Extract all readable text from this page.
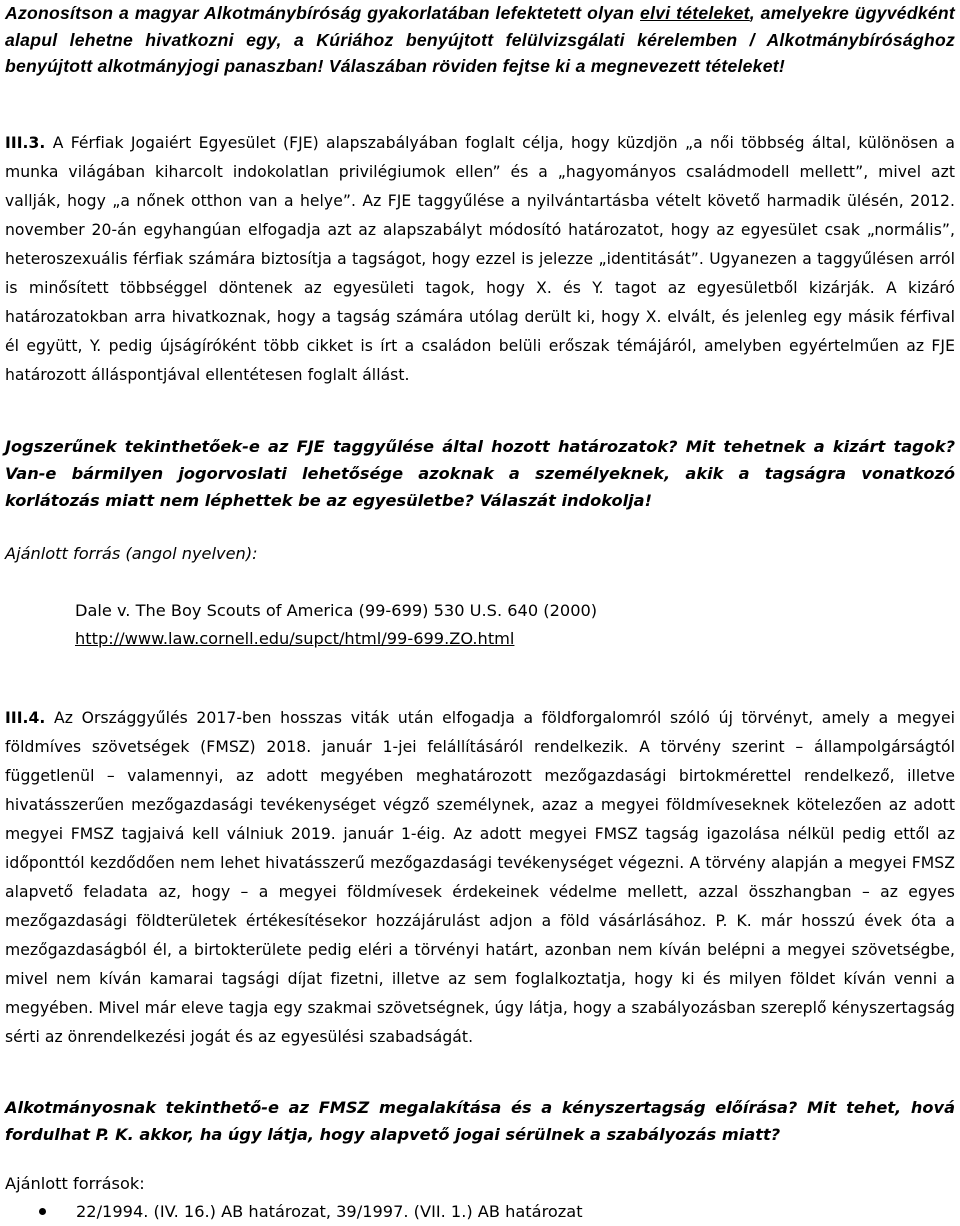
Azonosítson a magyar Alkotmánybíróság gyakorlatában lefektetett olyan elvi tételeket, amelyekre ügyvédként alapul lehetne hivatkozni egy, a Kúriához benyújtott felülvizsgálati kérelemben / Alkotmánybírósághoz benyújtott alkotmányjogi panaszban! Válaszában röviden fejtse ki a megnevezett tételeket!
III.3. A Férfiak Jogaiért Egyesület (FJE) alapszabályában foglalt célja, hogy küzdjön „a női többség által, különösen a munka világában kiharcolt indokolatlan privilégiumok ellen” és a „hagyományos családmodell mellett”, mivel azt vallják, hogy „a nőnek otthon van a helye”. Az FJE taggyűlése a nyilvántartásba vételt követő harmadik ülésén, 2012. november 20-án egyhangúan elfogadja azt az alapszabályt módosító határozatot, hogy az egyesület csak „normális”, heteroszexuális férfiak számára biztosítja a tagságot, hogy ezzel is jelezze „identitását”. Ugyanezen a taggyűlésen arról is minősített többséggel döntenek az egyesületi tagok, hogy X. és Y. tagot az egyesületből kizárják. A kizáró határozatokban arra hivatkoznak, hogy a tagság számára utólag derült ki, hogy X. elvált, és jelenleg egy másik férfival él együtt, Y. pedig újságíróként több cikket is írt a családon belüli erőszak témájáról, amelyben egyértelműen az FJE határozott álláspontjával ellentétesen foglalt állást.
Jogszerűnek tekinthetőek-e az FJE taggyűlése által hozott határozatok? Mit tehetnek a kizárt tagok? Van-e bármilyen jogorvoslati lehetősége azoknak a személyeknek, akik a tagságra vonatkozó korlátozás miatt nem léphettek be az egyesületbe? Válaszát indokolja!
Ajánlott forrás (angol nyelven):
Dale v. The Boy Scouts of America (99-699) 530 U.S. 640 (2000)
http://www.law.cornell.edu/supct/html/99-699.ZO.html
III.4. Az Országgyűlés 2017-ben hosszas viták után elfogadja a földforgalomról szóló új törvényt, amely a megyei földmíves szövetségek (FMSZ) 2018. január 1-jei felállításáról rendelkezik. A törvény szerint – állampolgárságtól függetlenül – valamennyi, az adott megyében meghatározott mezőgazdasági birtokmérettel rendelkező, illetve hivatásszerűen mezőgazdasági tevékenységet végző személynek, azaz a megyei földmíveseknek kötelezően az adott megyei FMSZ tagjaivá kell válniuk 2019. január 1-éig. Az adott megyei FMSZ tagság igazolása nélkül pedig ettől az időponttól kezdődően nem lehet hivatásszerű mezőgazdasági tevékenységet végezni. A törvény alapján a megyei FMSZ alapvető feladata az, hogy – a megyei földmívesek érdekeinek védelme mellett, azzal összhangban – az egyes mezőgazdasági földterületek értékesítésekor hozzájárulást adjon a föld vásárlásához. P. K. már hosszú évek óta a mezőgazdaságból él, a birtokterülete pedig eléri a törvényi határt, azonban nem kíván belépni a megyei szövetségbe, mivel nem kíván kamarai tagsági díjat fizetni, illetve az sem foglalkoztatja, hogy ki és milyen földet kíván venni a megyében. Mivel már eleve tagja egy szakmai szövetségnek, úgy látja, hogy a szabályozásban szereplő kényszertagság sérti az önrendelkezési jogát és az egyesülési szabadságát.
Alkotmányosnak tekinthető-e az FMSZ megalakítása és a kényszertagság előírása? Mit tehet, hová fordulhat P. K. akkor, ha úgy látja, hogy alapvető jogai sérülnek a szabályozás miatt?
Ajánlott források:
22/1994. (IV. 16.) AB határozat, 39/1997. (VII. 1.) AB határozat
